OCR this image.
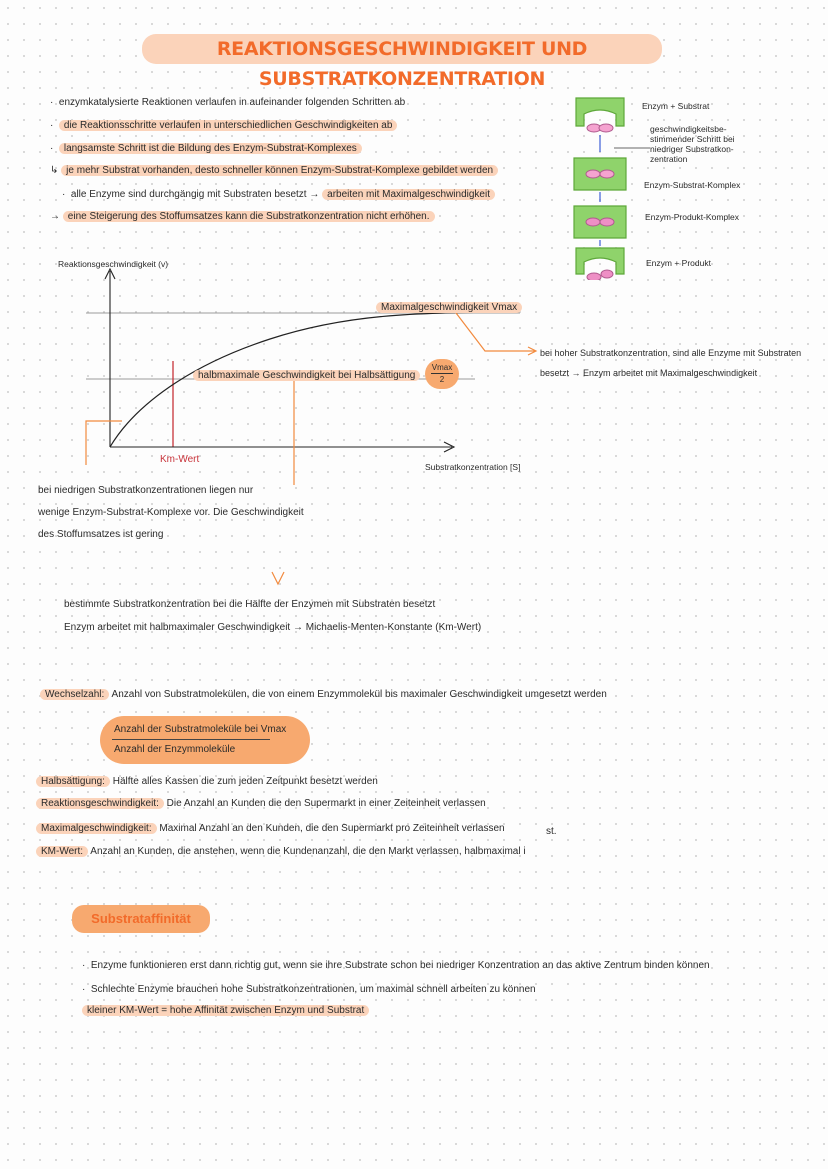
REAKTIONSGESCHWINDIGKEIT UND SUBSTRATKONZENTRATION
·  enzymkatalysierte Reaktionen verlaufen in aufeinander folgenden Schritten ab
·  die Reaktionsschritte verlaufen in unterschiedlichen Geschwindigkeiten ab
·  langsamste Schritt ist die Bildung des Enzym-Substrat-Komplexes
↳ je mehr Substrat vorhanden, desto schneller können Enzym-Substrat-Komplexe gebildet werden
·  alle Enzyme sind durchgängig mit Substraten besetzt → arbeiten mit Maximalgeschwindigkeit
→ eine Steigerung des Stoffumsatzes kann die Substratkonzentration nicht erhöhen.
Enzym + Substrat
geschwindigkeitsbe-stimmender Schritt bei niedriger Substratkon-zentration
Enzym-Substrat-Komplex
Enzym-Produkt-Komplex
Enzym + Produkt
Reaktionsgeschwindigkeit (v)
Substratkonzentration [S]
Maximalgeschwindigkeit Vmax
halbmaximale Geschwindigkeit bei Halbsättigung
Vmax
2
Km-Wert
bei hoher Substratkonzentration, sind alle Enzyme mit Substraten
besetzt → Enzym arbeitet mit Maximalgeschwindigkeit
bei niedrigen Substratkonzentrationen liegen nur
wenige Enzym-Substrat-Komplexe vor. Die Geschwindigkeit
des Stoffumsatzes ist gering
bestimmte Substratkonzentration bei die Hälfte der Enzymen mit Substraten besetzt
Enzym arbeitet mit halbmaximaler Geschwindigkeit → Michaelis-Menten-Konstante (Km-Wert)
Wechselzahl: Anzahl von Substratmolekülen, die von einem Enzymmolekül bis maximaler Geschwindigkeit umgesetzt werden
Anzahl der Substratmoleküle bei Vmax
Anzahl der Enzymmoleküle
Halbsättigung: Hälfte alles Kassen die zum jeden Zeitpunkt besetzt werden
Reaktionsgeschwindigkeit: Die Anzahl an Kunden die den Supermarkt in einer Zeiteinheit verlassen
Maximalgeschwindigkeit: Maximal Anzahl an den Kunden, die den Supermarkt pro Zeiteinheit verlassen	st.
KM-Wert: Anzahl an Kunden, die anstehen, wenn die Kundenanzahl, die den Markt verlassen, halbmaximal i
Substrataffinität
·  Enzyme funktionieren erst dann richtig gut, wenn sie ihre Substrate schon bei niedriger Konzentration an das aktive Zentrum binden können
·  Schlechte Enzyme brauchen hohe Substratkonzentrationen, um maximal schnell arbeiten zu können
kleiner KM-Wert = hohe Affinität zwischen Enzym und Substrat
